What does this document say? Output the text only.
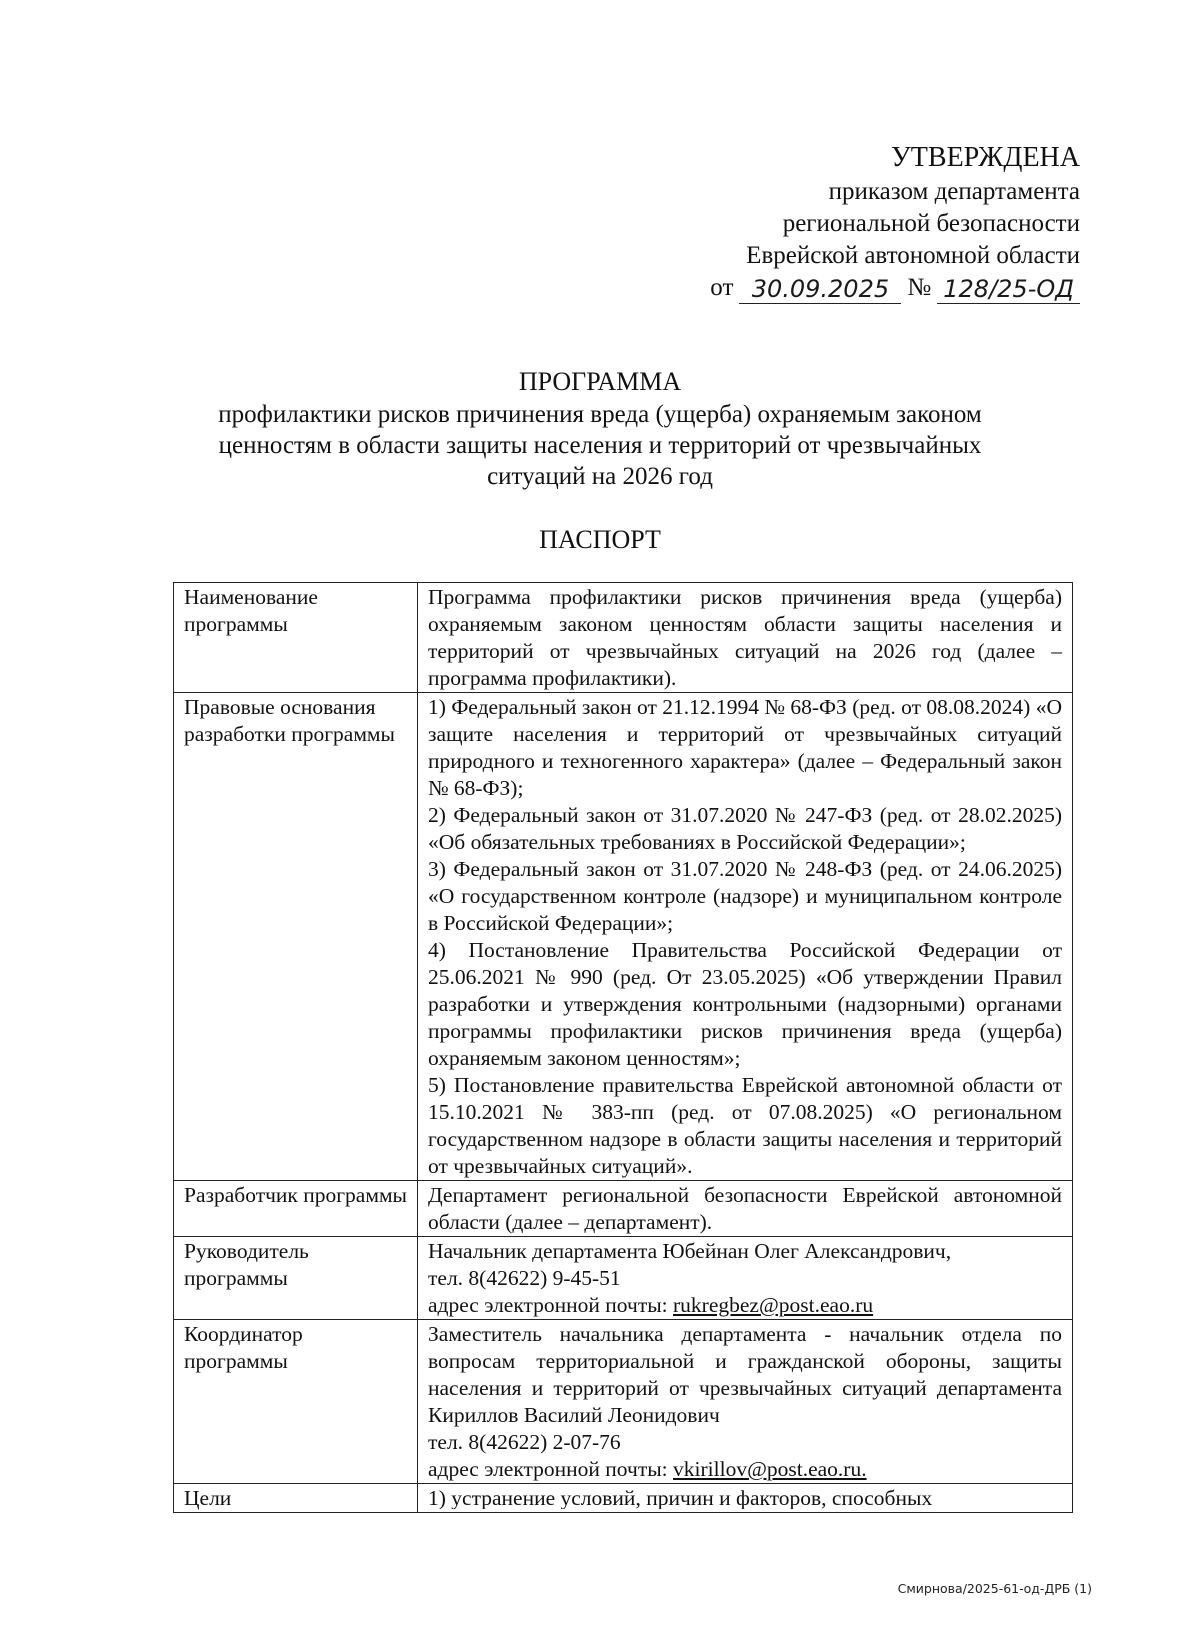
УТВЕРЖДЕНА
приказом департамента
региональной безопасности
Еврейской автономной области
от 30.09.2025 № 128/25-ОД
ПРОГРАММА
профилактики рисков причинения вреда (ущерба) охраняемым законом
ценностям в области защиты населения и территорий от чрезвычайных
ситуаций на 2026 год
ПАСПОРТ
Наименование программы	Программа профилактики рисков причинения вреда (ущерба) охраняемым законом ценностям области защиты населения и территорий от чрезвычайных ситуаций на 2026 год (далее – программа профилактики).
Правовые основания разработки программы	1) Федеральный закон от 21.12.1994 № 68-ФЗ (ред. от 08.08.2024) «О защите населения и территорий от чрезвычайных ситуаций природного и техногенного характера» (далее – Федеральный закон № 68-ФЗ);
2) Федеральный закон от 31.07.2020 № 247-ФЗ (ред. от 28.02.2025) «Об обязательных требованиях в Российской Федерации»;
3) Федеральный закон от 31.07.2020 № 248-ФЗ (ред. от 24.06.2025) «О государственном контроле (надзоре) и муниципальном контроле в Российской Федерации»;
4) Постановление Правительства Российской Федерации от 25.06.2021 № 990 (ред. От 23.05.2025) «Об утверждении Правил разработки и утверждения контрольными (надзорными) органами программы профилактики рисков причинения вреда (ущерба) охраняемым законом ценностям»;
5) Постановление правительства Еврейской автономной области от 15.10.2021 № 383-пп (ред. от 07.08.2025) «О региональном государственном надзоре в области защиты населения и территорий от чрезвычайных ситуаций».

Разработчик программы	Департамент региональной безопасности Еврейской автономной области (далее – департамент).
Руководитель программы	Начальник департамента Юбейнан Олег Александрович,
тел. 8(42622) 9-45-51
адрес электронной почты: rukregbez@post.eao.ru

Координатор программы	Заместитель начальника департамента - начальник отдела по вопросам территориальной и гражданской обороны, защиты населения и территорий от чрезвычайных ситуаций департамента Кириллов Василий Леонидович
тел. 8(42622) 2-07-76
адрес электронной почты: vkirillov@post.eao.ru.

Цели	1) устранение условий, причин и факторов, способных
Смирнова/2025-61-од-ДРБ (1)
